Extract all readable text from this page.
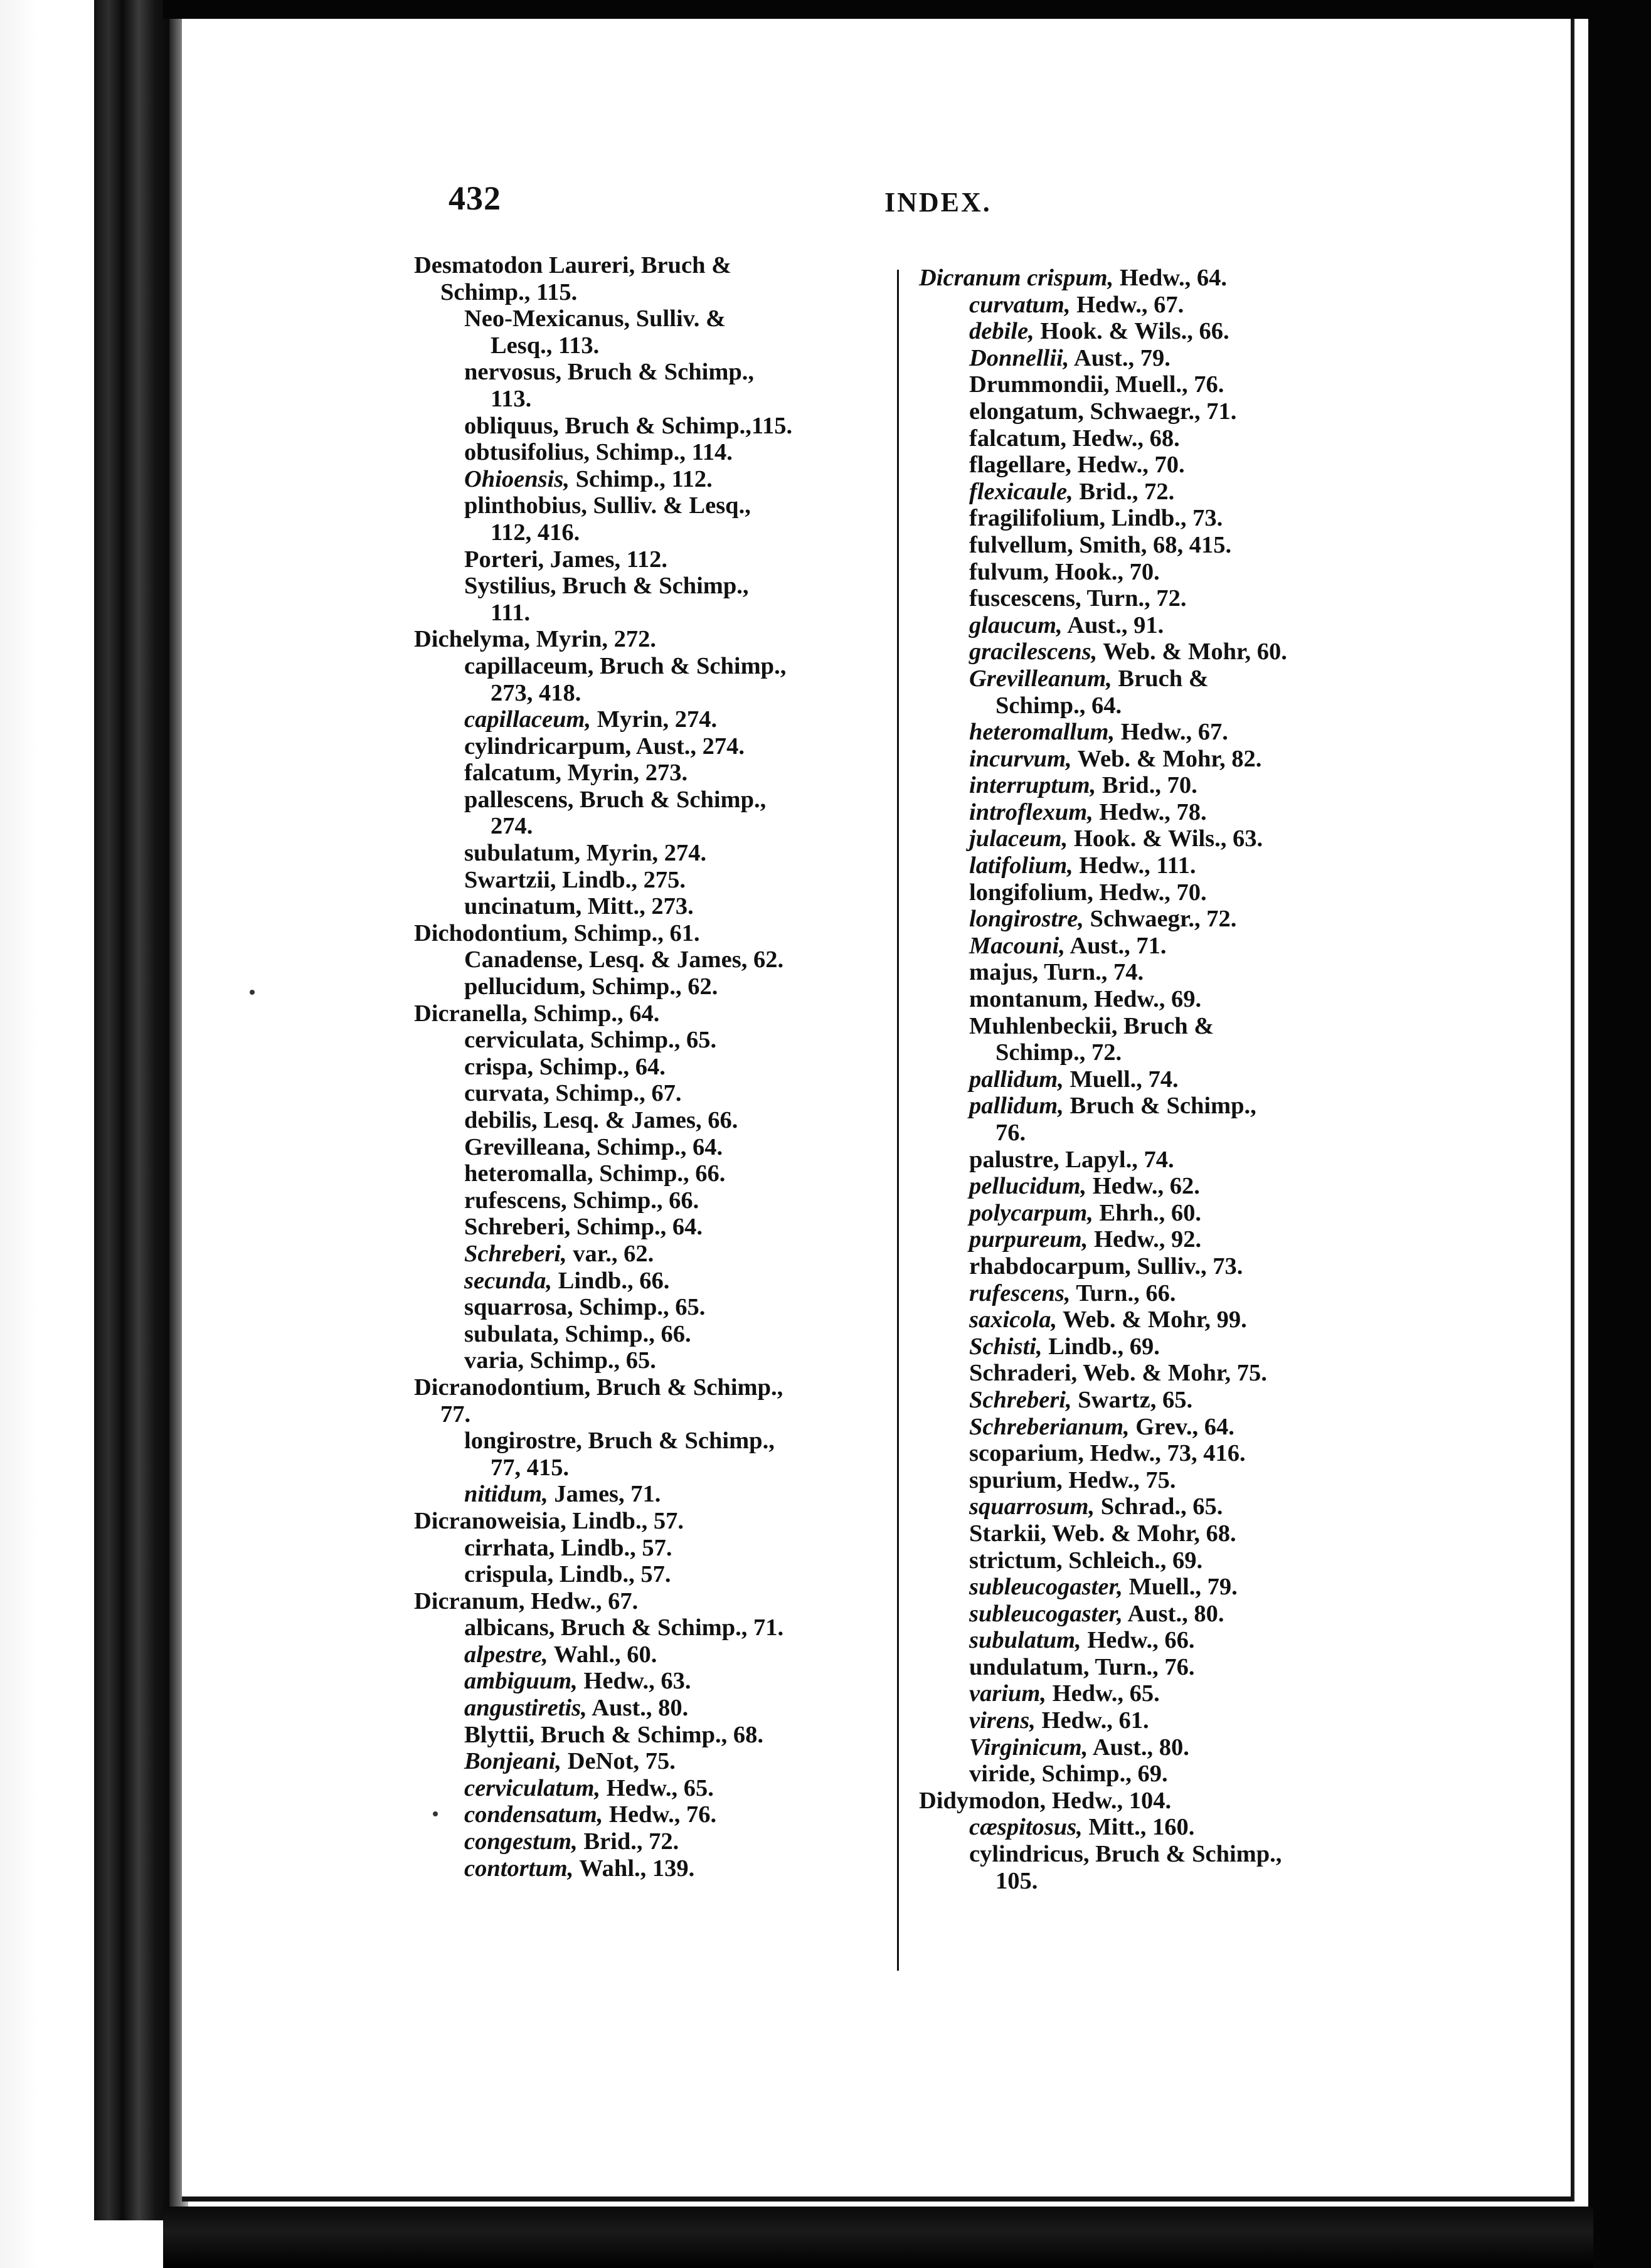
432	INDEX.
Desmatodon Laureri, Bruch &
Schimp., 115.
Neo-Mexicanus, Sulliv. &
Lesq., 113.
nervosus, Bruch & Schimp.,
113.
obliquus, Bruch & Schimp.,115.
obtusifolius, Schimp., 114.
Ohioensis, Schimp., 112.
plinthobius, Sulliv. & Lesq.,
112, 416.
Porteri, James, 112.
Systilius, Bruch & Schimp.,
111.
Dichelyma, Myrin, 272.
capillaceum, Bruch & Schimp.,
273, 418.
capillaceum, Myrin, 274.
cylindricarpum, Aust., 274.
falcatum, Myrin, 273.
pallescens, Bruch & Schimp.,
274.
subulatum, Myrin, 274.
Swartzii, Lindb., 275.
uncinatum, Mitt., 273.
Dichodontium, Schimp., 61.
Canadense, Lesq. & James, 62.
pellucidum, Schimp., 62.
Dicranella, Schimp., 64.
cerviculata, Schimp., 65.
crispa, Schimp., 64.
curvata, Schimp., 67.
debilis, Lesq. & James, 66.
Grevilleana, Schimp., 64.
heteromalla, Schimp., 66.
rufescens, Schimp., 66.
Schreberi, Schimp., 64.
Schreberi, var., 62.
secunda, Lindb., 66.
squarrosa, Schimp., 65.
subulata, Schimp., 66.
varia, Schimp., 65.
Dicranodontium, Bruch & Schimp.,
77.
longirostre, Bruch & Schimp.,
77, 415.
nitidum, James, 71.
Dicranoweisia, Lindb., 57.
cirrhata, Lindb., 57.
crispula, Lindb., 57.
Dicranum, Hedw., 67.
albicans, Bruch & Schimp., 71.
alpestre, Wahl., 60.
ambiguum, Hedw., 63.
angustiretis, Aust., 80.
Blyttii, Bruch & Schimp., 68.
Bonjeani, DeNot, 75.
cerviculatum, Hedw., 65.
condensatum, Hedw., 76.
congestum, Brid., 72.
contortum, Wahl., 139.
Dicranum crispum, Hedw., 64.
curvatum, Hedw., 67.
debile, Hook. & Wils., 66.
Donnellii, Aust., 79.
Drummondii, Muell., 76.
elongatum, Schwaegr., 71.
falcatum, Hedw., 68.
flagellare, Hedw., 70.
flexicaule, Brid., 72.
fragilifolium, Lindb., 73.
fulvellum, Smith, 68, 415.
fulvum, Hook., 70.
fuscescens, Turn., 72.
glaucum, Aust., 91.
gracilescens, Web. & Mohr, 60.
Grevilleanum, Bruch &
Schimp., 64.
heteromallum, Hedw., 67.
incurvum, Web. & Mohr, 82.
interruptum, Brid., 70.
introflexum, Hedw., 78.
julaceum, Hook. & Wils., 63.
latifolium, Hedw., 111.
longifolium, Hedw., 70.
longirostre, Schwaegr., 72.
Macouni, Aust., 71.
majus, Turn., 74.
montanum, Hedw., 69.
Muhlenbeckii, Bruch &
Schimp., 72.
pallidum, Muell., 74.
pallidum, Bruch & Schimp.,
76.
palustre, Lapyl., 74.
pellucidum, Hedw., 62.
polycarpum, Ehrh., 60.
purpureum, Hedw., 92.
rhabdocarpum, Sulliv., 73.
rufescens, Turn., 66.
saxicola, Web. & Mohr, 99.
Schisti, Lindb., 69.
Schraderi, Web. & Mohr, 75.
Schreberi, Swartz, 65.
Schreberianum, Grev., 64.
scoparium, Hedw., 73, 416.
spurium, Hedw., 75.
squarrosum, Schrad., 65.
Starkii, Web. & Mohr, 68.
strictum, Schleich., 69.
subleucogaster, Muell., 79.
subleucogaster, Aust., 80.
subulatum, Hedw., 66.
undulatum, Turn., 76.
varium, Hedw., 65.
virens, Hedw., 61.
Virginicum, Aust., 80.
viride, Schimp., 69.
Didymodon, Hedw., 104.
cæspitosus, Mitt., 160.
cylindricus, Bruch & Schimp.,
105.
